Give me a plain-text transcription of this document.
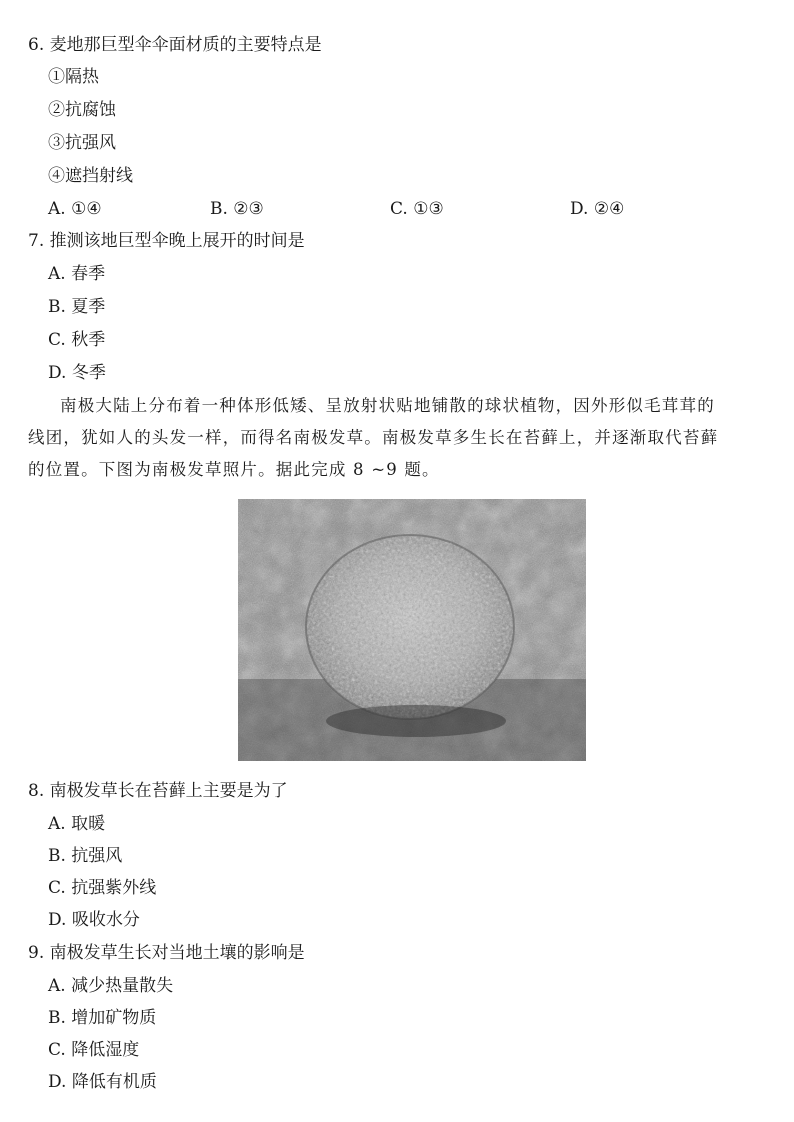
6. 麦地那巨型伞伞面材质的主要特点是
①隔热
②抗腐蚀
③抗强风
④遮挡射线
A. ①④	B. ②③	C. ①③	D. ②④
7. 推测该地巨型伞晚上展开的时间是
A. 春季
B. 夏季
C. 秋季
D. 冬季
南极大陆上分布着一种体形低矮、呈放射状贴地铺散的球状植物，因外形似毛茸茸的
线团，犹如人的头发一样，而得名南极发草。南极发草多生长在苔藓上，并逐渐取代苔藓
的位置。下图为南极发草照片。据此完成 8 ~9 题。
8. 南极发草长在苔藓上主要是为了
A. 取暖
B. 抗强风
C. 抗强紫外线
D. 吸收水分
9. 南极发草生长对当地土壤的影响是
A. 减少热量散失
B. 增加矿物质
C. 降低湿度
D. 降低有机质
